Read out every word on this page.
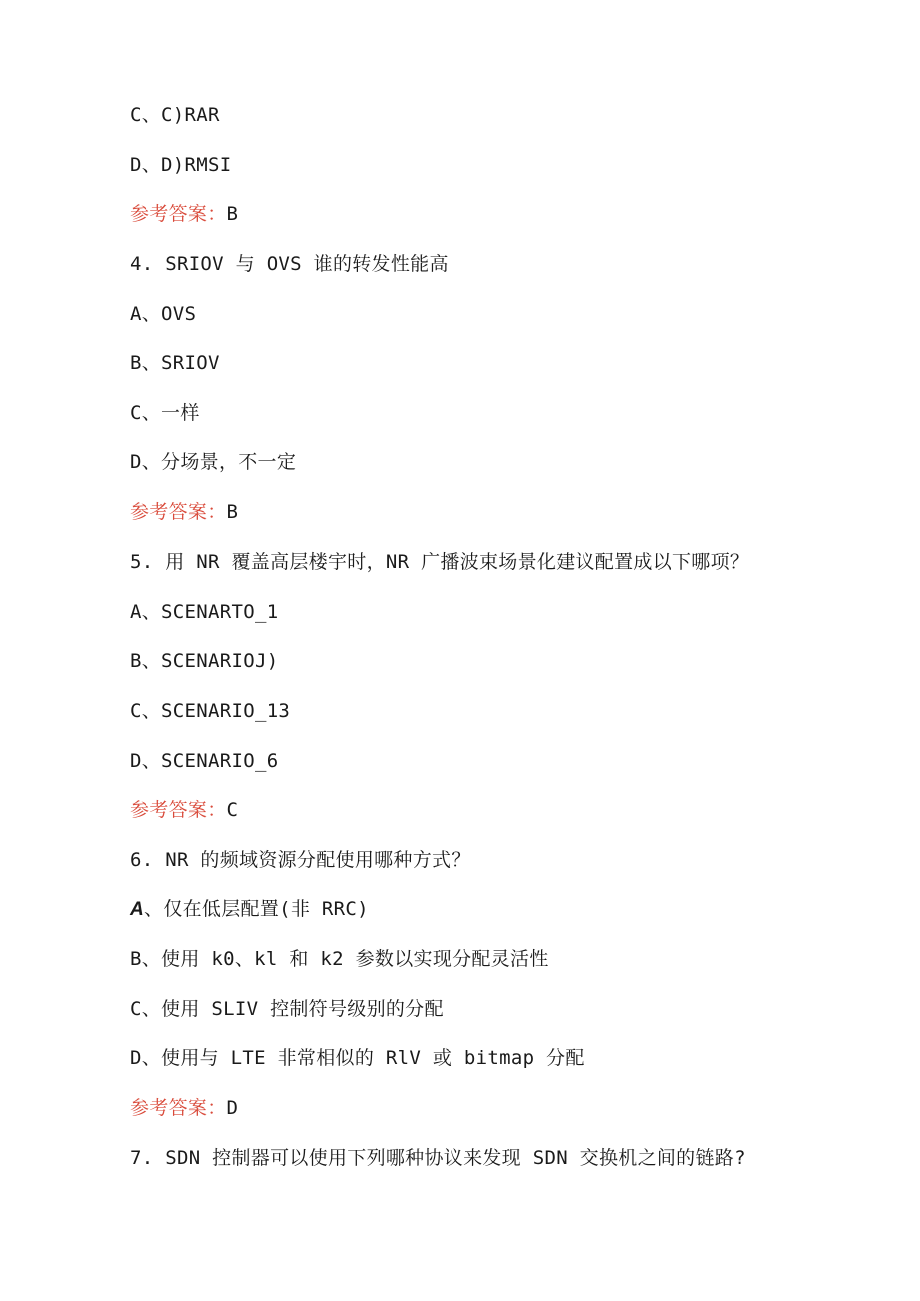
C、C)RAR
D、D)RMSI
参考答案：B
4. SRIOV 与 OVS 谁的转发性能高
A、OVS
B、SRIOV
C、一样
D、分场景，不一定
参考答案：B
5. 用 NR 覆盖高层楼宇时，NR 广播波束场景化建议配置成以下哪项？
A、SCENARTO_1
B、SCENARIOJ)
C、SCENARIO_13
D、SCENARIO_6
参考答案：C
6. NR 的频域资源分配使用哪种方式？
A、仅在低层配置(非 RRC)
B、使用 k0、kl 和 k2 参数以实现分配灵活性
C、使用 SLIV 控制符号级别的分配
D、使用与 LTE 非常相似的 RlV 或 bitmap 分配
参考答案：D
7. SDN 控制器可以使用下列哪种协议来发现 SDN 交换机之间的链路?
